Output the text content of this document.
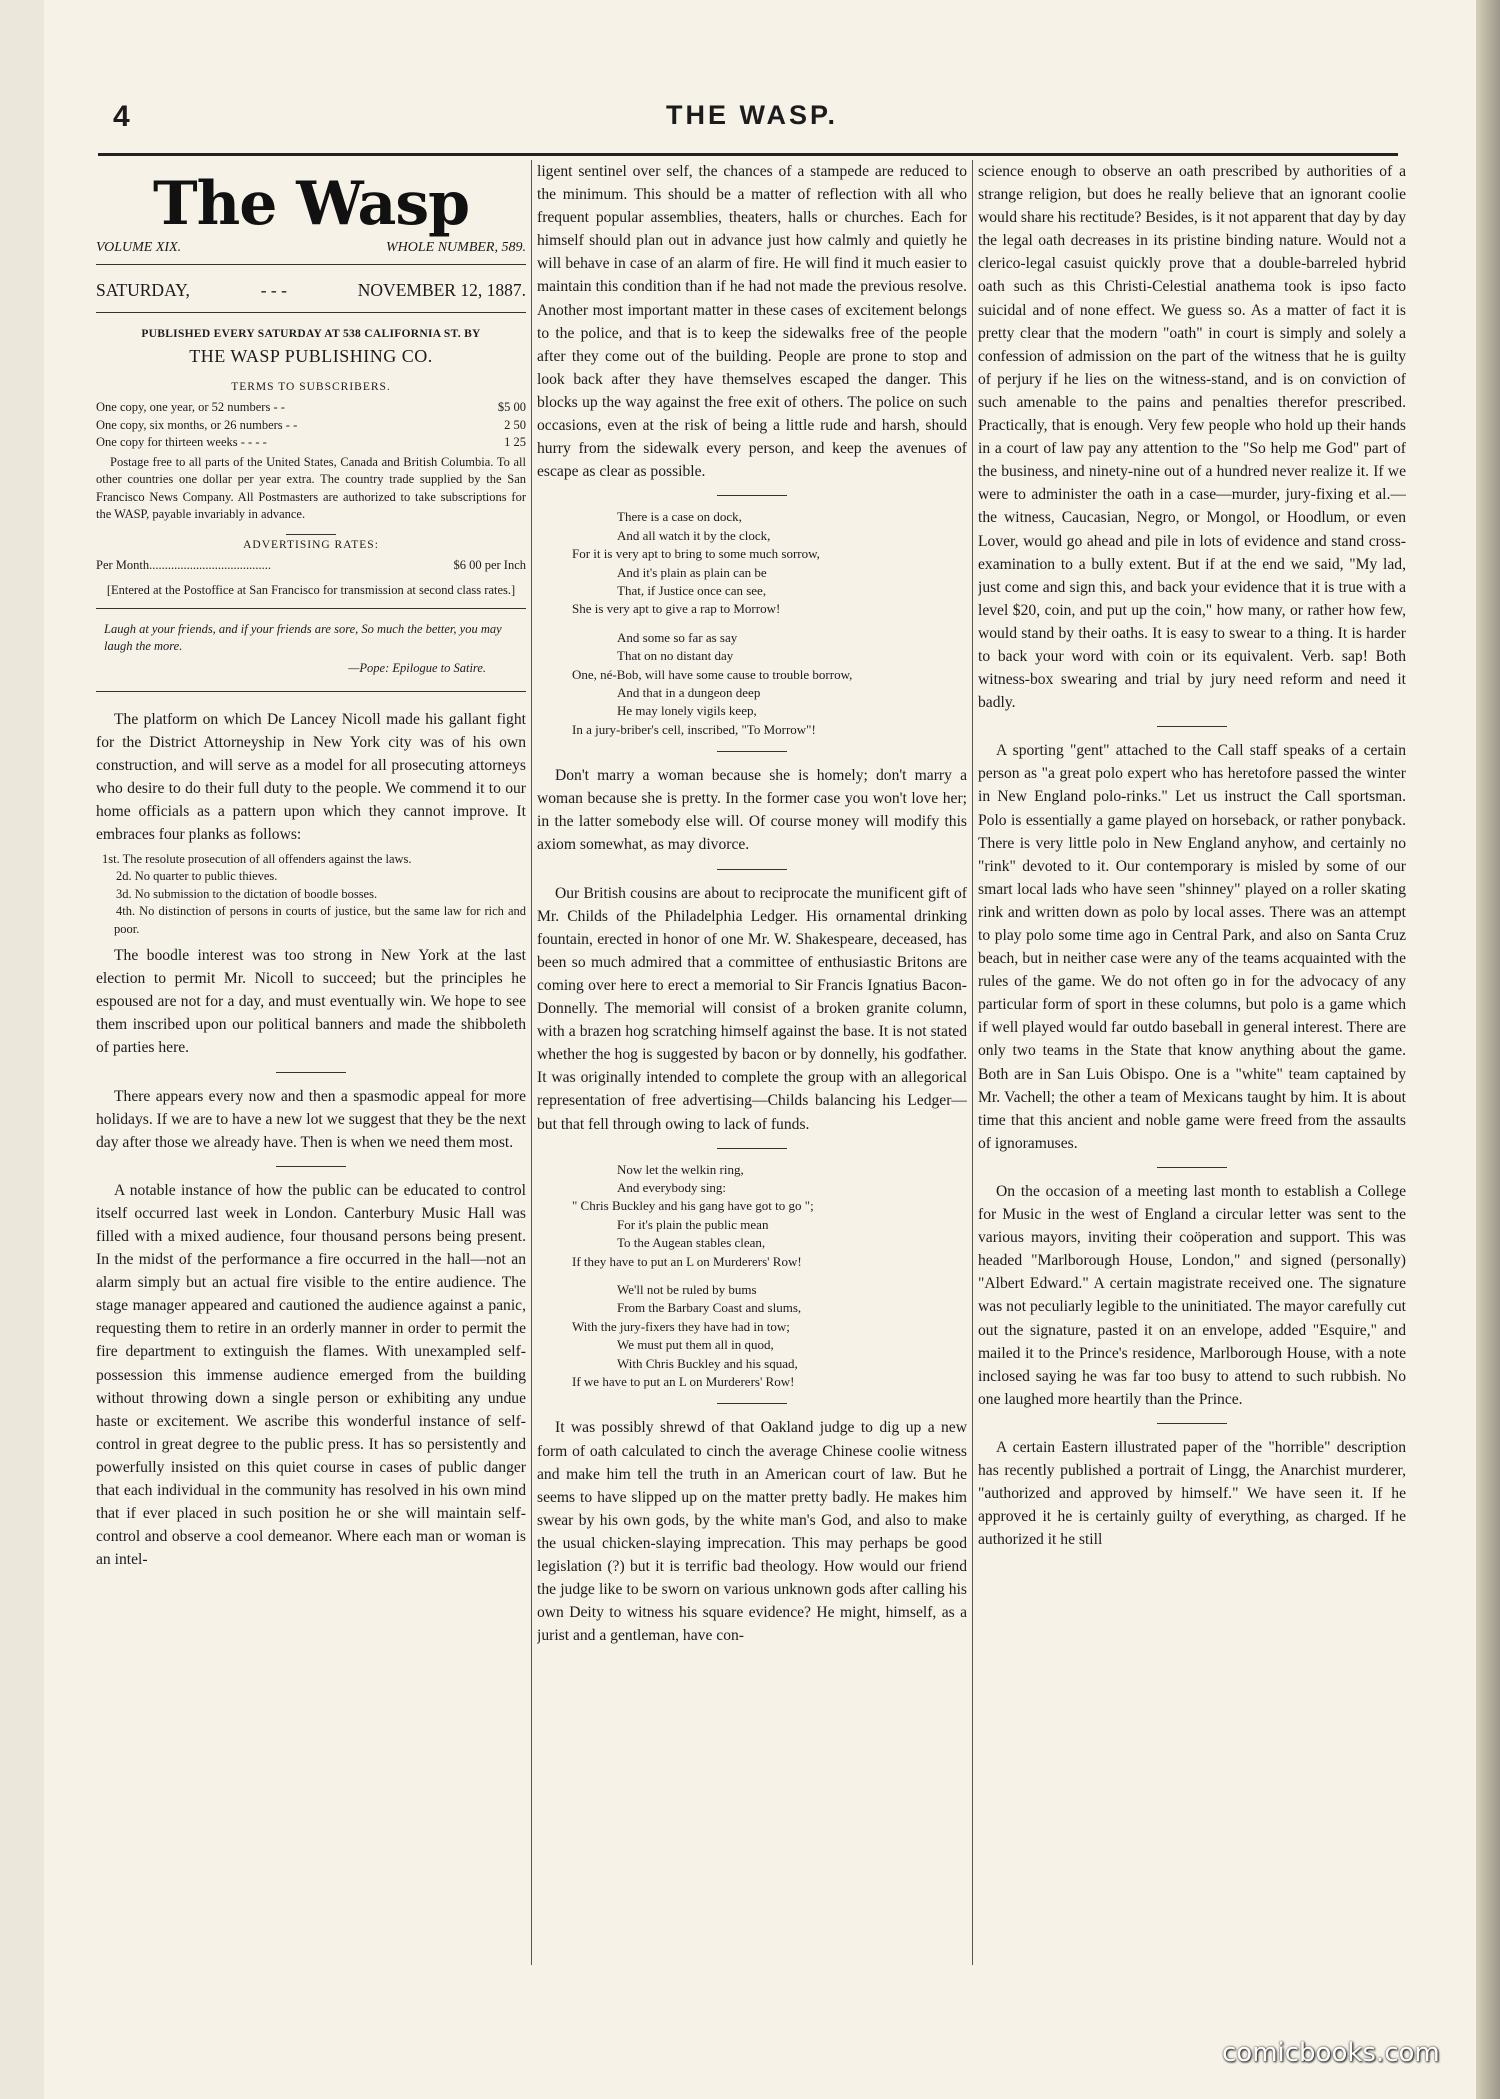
4	THE WASP.
The Wasp
VOLUME XIX.	WHOLE NUMBER, 589.
SATURDAY,	- - -	NOVEMBER 12, 1887.
PUBLISHED EVERY SATURDAY AT 538 CALIFORNIA ST. BY
THE WASP PUBLISHING CO.
TERMS TO SUBSCRIBERS.
One copy, one year, or 52 numbers - -	$5 00
One copy, six months, or 26 numbers - -	2 50
One copy for thirteen weeks - - - -	1 25

Postage free to all parts of the United States, Canada and British Columbia. To all other countries one dollar per year extra. The country trade supplied by the San Francisco News Company. All Postmasters are authorized to take subscriptions for the WASP, payable invariably in advance.

ADVERTISING RATES:
Per Month.......................................	$6 00 per Inch
[Entered at the Postoffice at San Francisco for transmission at second class rates.]
Laugh at your friends, and if your friends are sore, So much the better, you may laugh the more.
—Pope: Epilogue to Satire.

The platform on which De Lancey Nicoll made his gallant fight for the District Attorneyship in New York city was of his own construction, and will serve as a model for all prosecuting attorneys who desire to do their full duty to the people. We commend it to our home officials as a pattern upon which they cannot improve. It embraces four planks as follows:

1st. The resolute prosecution of all offenders against the laws.
2d. No quarter to public thieves.
3d. No submission to the dictation of boodle bosses.
4th. No distinction of persons in courts of justice, but the same law for rich and poor.

The boodle interest was too strong in New York at the last election to permit Mr. Nicoll to succeed; but the principles he espoused are not for a day, and must eventually win. We hope to see them inscribed upon our political banners and made the shibboleth of parties here.

There appears every now and then a spasmodic appeal for more holidays. If we are to have a new lot we suggest that they be the next day after those we already have. Then is when we need them most.

A notable instance of how the public can be educated to control itself occurred last week in London. Canterbury Music Hall was filled with a mixed audience, four thousand persons being present. In the midst of the performance a fire occurred in the hall—not an alarm simply but an actual fire visible to the entire audience. The stage manager appeared and cautioned the audience against a panic, requesting them to retire in an orderly manner in order to permit the fire department to extinguish the flames. With unexampled self-possession this immense audience emerged from the building without throwing down a single person or exhibiting any undue haste or excitement. We ascribe this wonderful instance of self-control in great degree to the public press. It has so persistently and powerfully insisted on this quiet course in cases of public danger that each individual in the community has resolved in his own mind that if ever placed in such position he or she will maintain self-control and observe a cool demeanor. Where each man or woman is an intel-

ligent sentinel over self, the chances of a stampede are reduced to the minimum. This should be a matter of reflection with all who frequent popular assemblies, theaters, halls or churches. Each for himself should plan out in advance just how calmly and quietly he will behave in case of an alarm of fire. He will find it much easier to maintain this condition than if he had not made the previous resolve. Another most important matter in these cases of excitement belongs to the police, and that is to keep the sidewalks free of the people after they come out of the building. People are prone to stop and look back after they have themselves escaped the danger. This blocks up the way against the free exit of others. The police on such occasions, even at the risk of being a little rude and harsh, should hurry from the sidewalk every person, and keep the avenues of escape as clear as possible.

There is a case on dock,
And all watch it by the clock,
For it is very apt to bring to some much sorrow,
And it's plain as plain can be
That, if Justice once can see,
She is very apt to give a rap to Morrow!
And some so far as say
That on no distant day
One, né-Bob, will have some cause to trouble borrow,
And that in a dungeon deep
He may lonely vigils keep,
In a jury-briber's cell, inscribed, "To Morrow"!

Don't marry a woman because she is homely; don't marry a woman because she is pretty. In the former case you won't love her; in the latter somebody else will. Of course money will modify this axiom somewhat, as may divorce.

Our British cousins are about to reciprocate the munificent gift of Mr. Childs of the Philadelphia Ledger. His ornamental drinking fountain, erected in honor of one Mr. W. Shakespeare, deceased, has been so much admired that a committee of enthusiastic Britons are coming over here to erect a memorial to Sir Francis Ignatius Bacon-Donnelly. The memorial will consist of a broken granite column, with a brazen hog scratching himself against the base. It is not stated whether the hog is suggested by bacon or by donnelly, his godfather. It was originally intended to complete the group with an allegorical representation of free advertising—Childs balancing his Ledger—but that fell through owing to lack of funds.

Now let the welkin ring,
And everybody sing:
" Chris Buckley and his gang have got to go ";
For it's plain the public mean
To the Augean stables clean,
If they have to put an L on Murderers' Row!
We'll not be ruled by bums
From the Barbary Coast and slums,
With the jury-fixers they have had in tow;
We must put them all in quod,
With Chris Buckley and his squad,
If we have to put an L on Murderers' Row!

It was possibly shrewd of that Oakland judge to dig up a new form of oath calculated to cinch the average Chinese coolie witness and make him tell the truth in an American court of law. But he seems to have slipped up on the matter pretty badly. He makes him swear by his own gods, by the white man's God, and also to make the usual chicken-slaying imprecation. This may perhaps be good legislation (?) but it is terrific bad theology. How would our friend the judge like to be sworn on various unknown gods after calling his own Deity to witness his square evidence? He might, himself, as a jurist and a gentleman, have con-

science enough to observe an oath prescribed by authorities of a strange religion, but does he really believe that an ignorant coolie would share his rectitude? Besides, is it not apparent that day by day the legal oath decreases in its pristine binding nature. Would not a clerico-legal casuist quickly prove that a double-barreled hybrid oath such as this Christi-Celestial anathema took is ipso facto suicidal and of none effect. We guess so. As a matter of fact it is pretty clear that the modern "oath" in court is simply and solely a confession of admission on the part of the witness that he is guilty of perjury if he lies on the witness-stand, and is on conviction of such amenable to the pains and penalties therefor prescribed. Practically, that is enough. Very few people who hold up their hands in a court of law pay any attention to the "So help me God" part of the business, and ninety-nine out of a hundred never realize it. If we were to administer the oath in a case—murder, jury-fixing et al.—the witness, Caucasian, Negro, or Mongol, or Hoodlum, or even Lover, would go ahead and pile in lots of evidence and stand cross-examination to a bully extent. But if at the end we said, "My lad, just come and sign this, and back your evidence that it is true with a level $20, coin, and put up the coin," how many, or rather how few, would stand by their oaths. It is easy to swear to a thing. It is harder to back your word with coin or its equivalent. Verb. sap! Both witness-box swearing and trial by jury need reform and need it badly.

A sporting "gent" attached to the Call staff speaks of a certain person as "a great polo expert who has heretofore passed the winter in New England polo-rinks." Let us instruct the Call sportsman. Polo is essentially a game played on horseback, or rather ponyback. There is very little polo in New England anyhow, and certainly no "rink" devoted to it. Our contemporary is misled by some of our smart local lads who have seen "shinney" played on a roller skating rink and written down as polo by local asses. There was an attempt to play polo some time ago in Central Park, and also on Santa Cruz beach, but in neither case were any of the teams acquainted with the rules of the game. We do not often go in for the advocacy of any particular form of sport in these columns, but polo is a game which if well played would far outdo baseball in general interest. There are only two teams in the State that know anything about the game. Both are in San Luis Obispo. One is a "white" team captained by Mr. Vachell; the other a team of Mexicans taught by him. It is about time that this ancient and noble game were freed from the assaults of ignoramuses.

On the occasion of a meeting last month to establish a College for Music in the west of England a circular letter was sent to the various mayors, inviting their coöperation and support. This was headed "Marlborough House, London," and signed (personally) "Albert Edward." A certain magistrate received one. The signature was not peculiarly legible to the uninitiated. The mayor carefully cut out the signature, pasted it on an envelope, added "Esquire," and mailed it to the Prince's residence, Marlborough House, with a note inclosed saying he was far too busy to attend to such rubbish. No one laughed more heartily than the Prince.

A certain Eastern illustrated paper of the "horrible" description has recently published a portrait of Lingg, the Anarchist murderer, "authorized and approved by himself." We have seen it. If he approved it he is certainly guilty of everything, as charged. If he authorized it he still

comicbooks.com
